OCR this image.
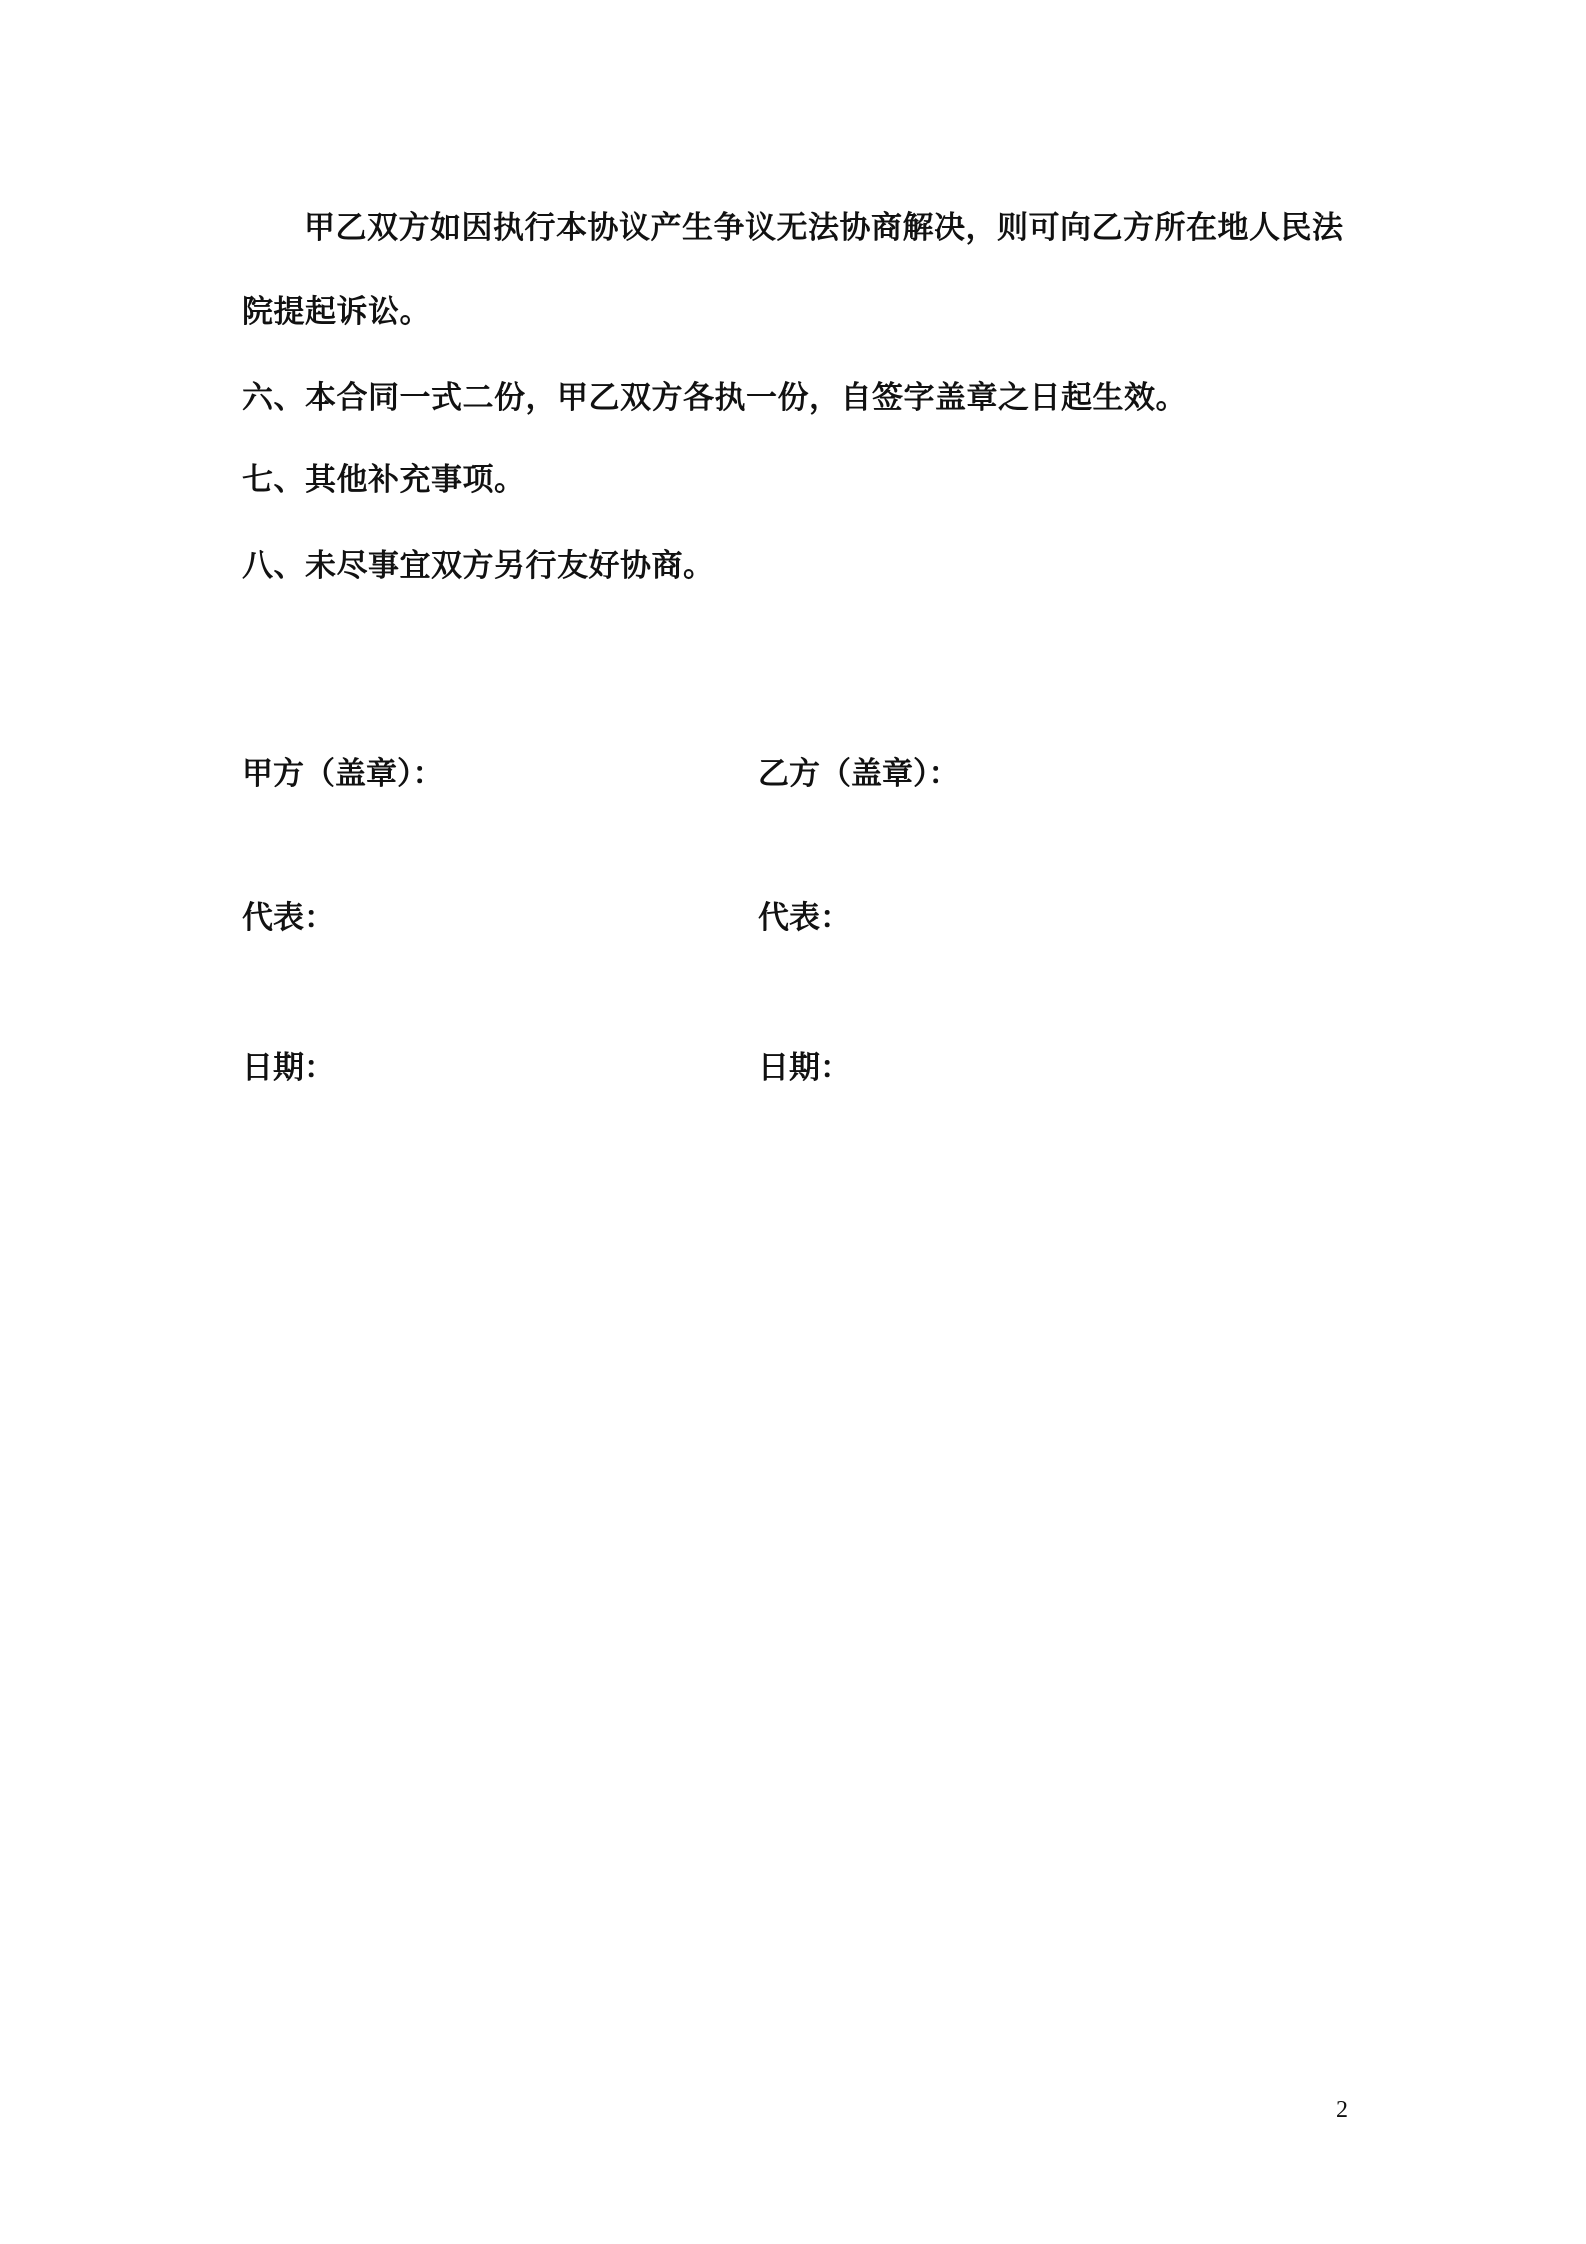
甲乙双方如因执行本协议产生争议无法协商解决，则可向乙方所在地人民法
院提起诉讼。
六、本合同一式二份，甲乙双方各执一份，自签字盖章之日起生效。
七、其他补充事项。
八、未尽事宜双方另行友好协商。
甲方（盖章）：	乙方（盖章）：
代表：	代表：
日期：	日期：
2
